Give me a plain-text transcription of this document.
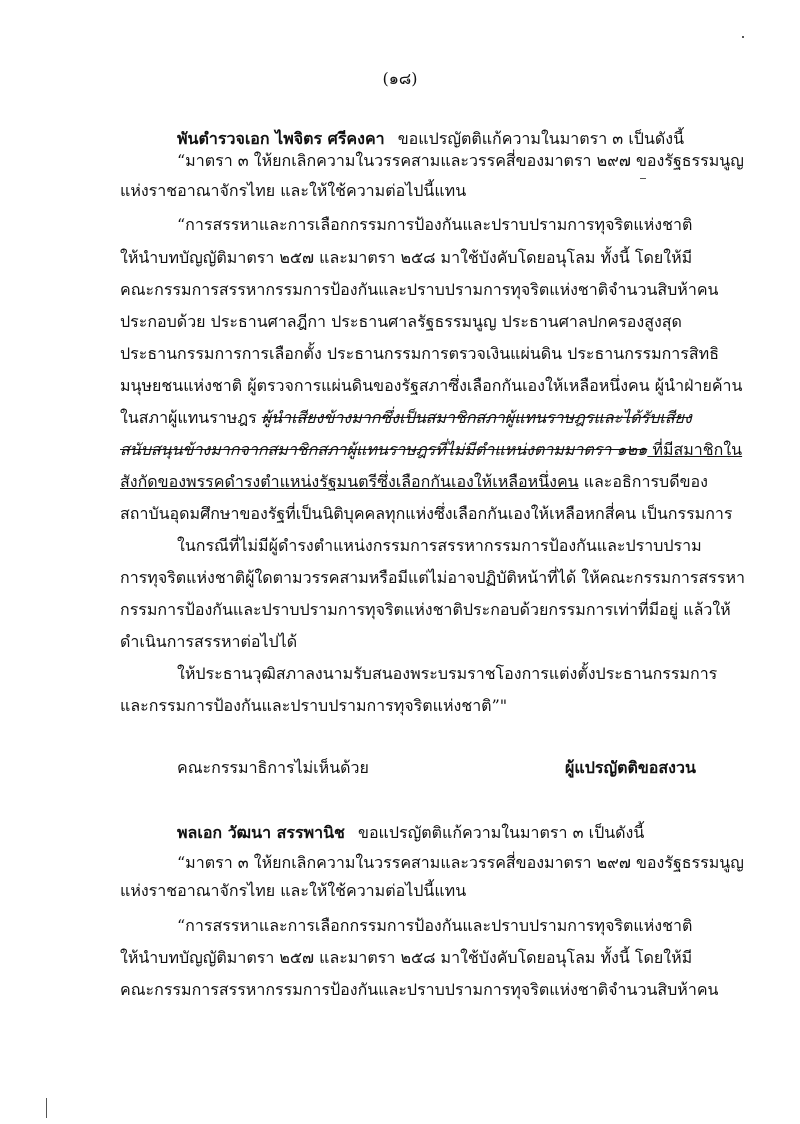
(๑๘)
พันตำรวจเอก ไพจิตร ศรีคงคา ขอแปรญัตติแก้ความในมาตรา ๓ เป็นดังนี้
“มาตรา ๓ ให้ยกเลิกความในวรรคสามและวรรคสี่ของมาตรา ๒๙๗ ของรัฐธรรมนูญ
แห่งราชอาณาจักรไทย และให้ใช้ความต่อไปนี้แทน
“การสรรหาและการเลือกกรรมการป้องกันและปราบปรามการทุจริตแห่งชาติ
ให้นำบทบัญญัติมาตรา ๒๕๗ และมาตรา ๒๕๘ มาใช้บังคับโดยอนุโลม ทั้งนี้ โดยให้มี
คณะกรรมการสรรหากรรมการป้องกันและปราบปรามการทุจริตแห่งชาติจำนวนสิบห้าคน
ประกอบด้วย ประธานศาลฎีกา ประธานศาลรัฐธรรมนูญ ประธานศาลปกครองสูงสุด
ประธานกรรมการการเลือกตั้ง ประธานกรรมการตรวจเงินแผ่นดิน ประธานกรรมการสิทธิ
มนุษยชนแห่งชาติ ผู้ตรวจการแผ่นดินของรัฐสภาซึ่งเลือกกันเองให้เหลือหนึ่งคน ผู้นำฝ่ายค้าน
ในสภาผู้แทนราษฎร ผู้นำเสียงข้างมากซึ่งเป็นสมาชิกสภาผู้แทนราษฎรและได้รับเสียง
สนับสนุนข้างมากจากสมาชิกสภาผู้แทนราษฎรที่ไม่มีตำแหน่งตามมาตรา ๑๒๑ ที่มีสมาชิกใน
สังกัดของพรรคดำรงตำแหน่งรัฐมนตรีซึ่งเลือกกันเองให้เหลือหนึ่งคน และอธิการบดีของ
สถาบันอุดมศึกษาของรัฐที่เป็นนิติบุคคลทุกแห่งซึ่งเลือกกันเองให้เหลือหกสี่คน เป็นกรรมการ
ในกรณีที่ไม่มีผู้ดำรงตำแหน่งกรรมการสรรหากรรมการป้องกันและปราบปราม
การทุจริตแห่งชาติผู้ใดตามวรรคสามหรือมีแต่ไม่อาจปฏิบัติหน้าที่ได้ ให้คณะกรรมการสรรหา
กรรมการป้องกันและปราบปรามการทุจริตแห่งชาติประกอบด้วยกรรมการเท่าที่มีอยู่ แล้วให้
ดำเนินการสรรหาต่อไปได้
ให้ประธานวุฒิสภาลงนามรับสนองพระบรมราชโองการแต่งตั้งประธานกรรมการ
และกรรมการป้องกันและปราบปรามการทุจริตแห่งชาติ”"
คณะกรรมาธิการไม่เห็นด้วย	ผู้แปรญัตติขอสงวน
พลเอก วัฒนา สรรพานิช ขอแปรญัตติแก้ความในมาตรา ๓ เป็นดังนี้
“มาตรา ๓ ให้ยกเลิกความในวรรคสามและวรรคสี่ของมาตรา ๒๙๗ ของรัฐธรรมนูญ
แห่งราชอาณาจักรไทย และให้ใช้ความต่อไปนี้แทน
“การสรรหาและการเลือกกรรมการป้องกันและปราบปรามการทุจริตแห่งชาติ
ให้นำบทบัญญัติมาตรา ๒๕๗ และมาตรา ๒๕๘ มาใช้บังคับโดยอนุโลม ทั้งนี้ โดยให้มี
คณะกรรมการสรรหากรรมการป้องกันและปราบปรามการทุจริตแห่งชาติจำนวนสิบห้าคน
